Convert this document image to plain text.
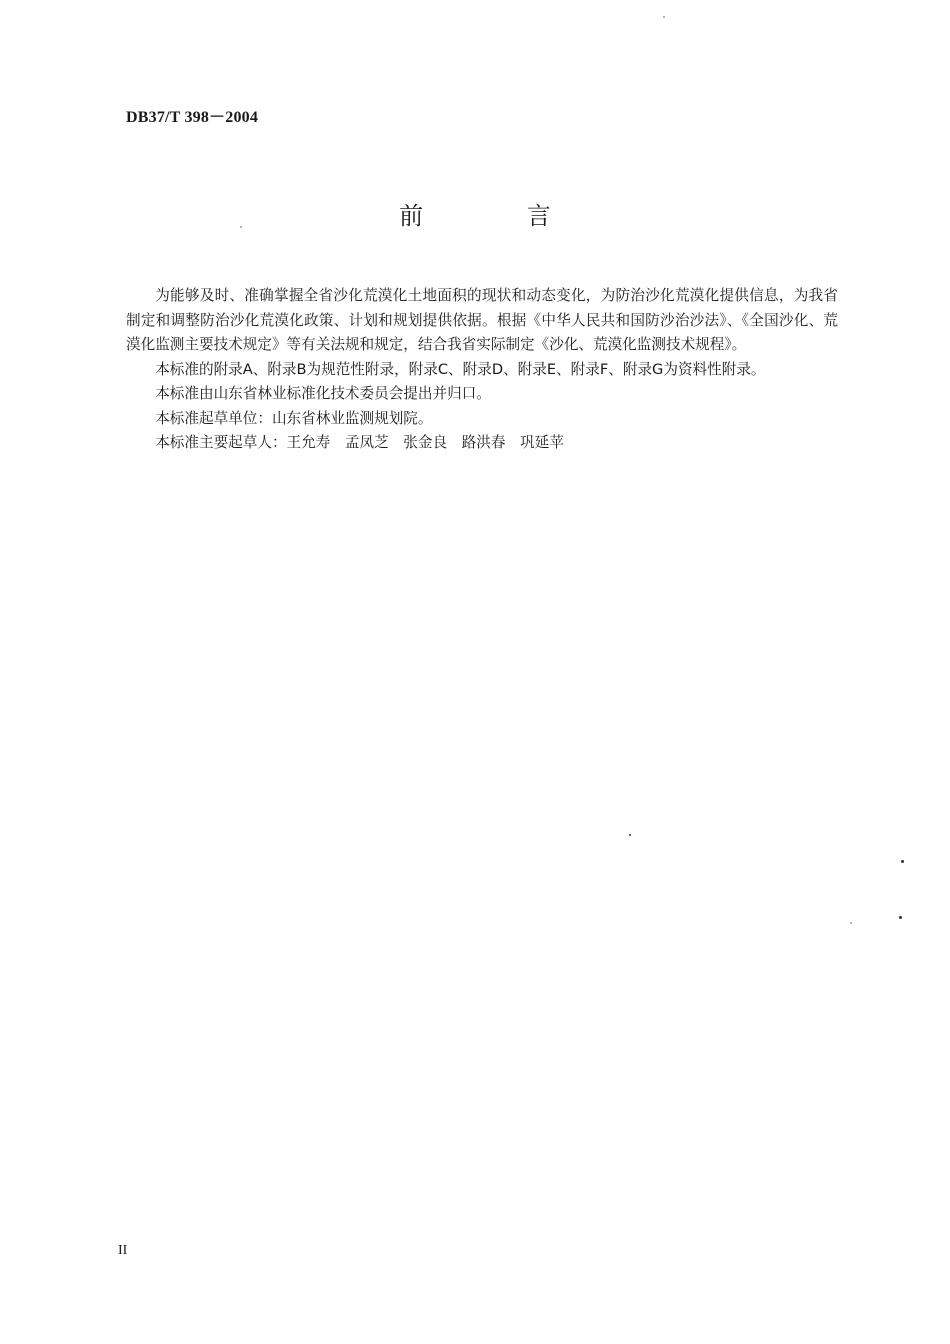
DB37/T 398－2004
前 言

为能够及时、准确掌握全省沙化荒漠化土地面积的现状和动态变化，为防治沙化荒漠化提供信息，为我省制定和调整防治沙化荒漠化政策、计划和规划提供依据。根据《中华人民共和国防沙治沙法》、《全国沙化、荒漠化监测主要技术规定》等有关法规和规定，结合我省实际制定《沙化、荒漠化监测技术规程》。

本标准的附录A、附录B为规范性附录，附录C、附录D、附录E、附录F、附录G为资料性附录。

本标准由山东省林业标准化技术委员会提出并归口。

本标准起草单位：山东省林业监测规划院。

本标准主要起草人：王允寿　孟凤芝　张金良　路洪春　巩延苹

II
